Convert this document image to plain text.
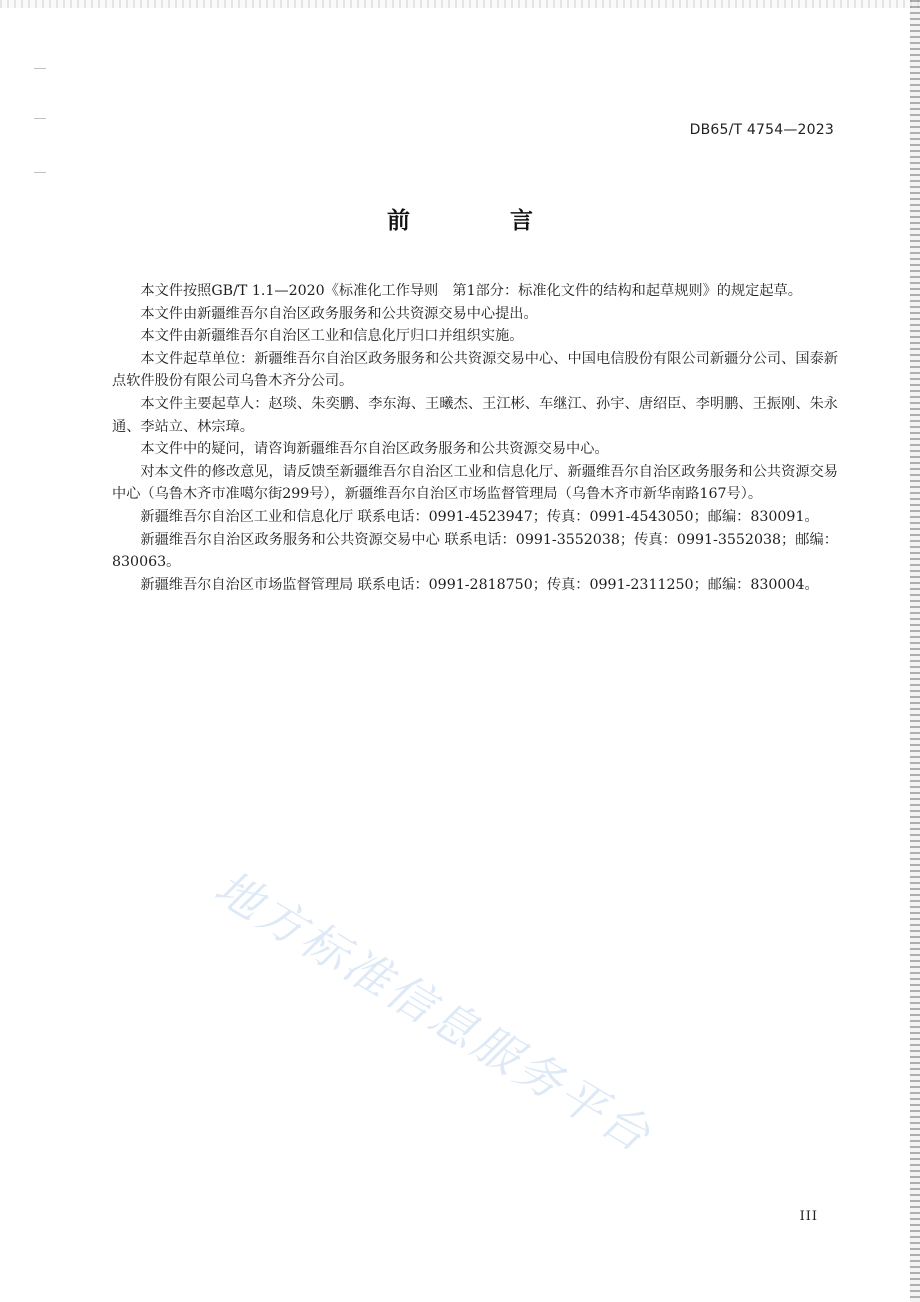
DB65/T 4754—2023
前 言

本文件按照GB/T 1.1—2020《标准化工作导则　第1部分：标准化文件的结构和起草规则》的规定起草。

本文件由新疆维吾尔自治区政务服务和公共资源交易中心提出。

本文件由新疆维吾尔自治区工业和信息化厅归口并组织实施。

本文件起草单位：新疆维吾尔自治区政务服务和公共资源交易中心、中国电信股份有限公司新疆分公司、国泰新点软件股份有限公司乌鲁木齐分公司。

本文件主要起草人：赵琰、朱奕鹏、李东海、王曦杰、王江彬、车继江、孙宇、唐绍臣、李明鹏、王振刚、朱永通、李站立、林宗璋。

本文件中的疑问，请咨询新疆维吾尔自治区政务服务和公共资源交易中心。

对本文件的修改意见，请反馈至新疆维吾尔自治区工业和信息化厅、新疆维吾尔自治区政务服务和公共资源交易中心（乌鲁木齐市准噶尔街299号），新疆维吾尔自治区市场监督管理局（乌鲁木齐市新华南路167号）。

新疆维吾尔自治区工业和信息化厅 联系电话：0991-4523947；传真：0991-4543050；邮编：830091。

新疆维吾尔自治区政务服务和公共资源交易中心 联系电话：0991-3552038；传真：0991-3552038；邮编：830063。

新疆维吾尔自治区市场监督管理局 联系电话：0991-2818750；传真：0991-2311250；邮编：830004。

地方标准信息服务平台
III
